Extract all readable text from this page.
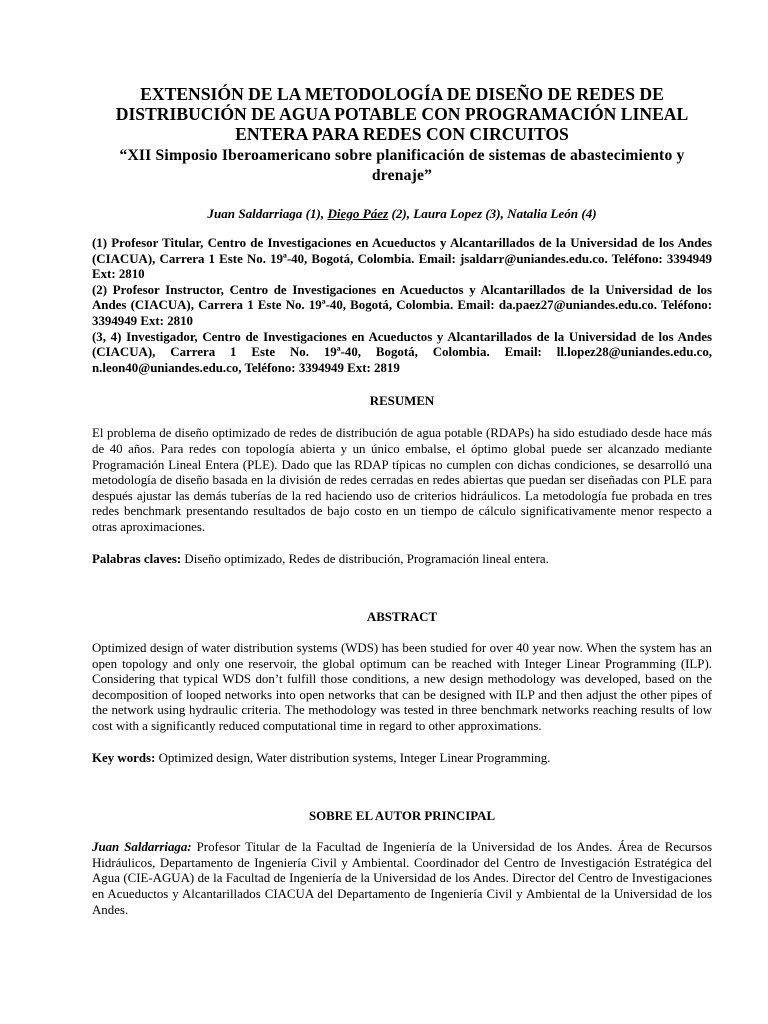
EXTENSIÓN DE LA METODOLOGÍA DE DISEÑO DE REDES DE DISTRIBUCIÓN DE AGUA POTABLE CON PROGRAMACIÓN LINEAL ENTERA PARA REDES CON CIRCUITOS

“XII Simposio Iberoamericano sobre planificación de sistemas de abastecimiento y drenaje”

Juan Saldarriaga (1), Diego Páez (2), Laura Lopez (3), Natalia León (4)

(1) Profesor Titular, Centro de Investigaciones en Acueductos y Alcantarillados de la Universidad de los Andes (CIACUA), Carrera 1 Este No. 19ª-40, Bogotá, Colombia. Email: jsaldarr@uniandes.edu.co. Teléfono: 3394949 Ext: 2810
(2) Profesor Instructor, Centro de Investigaciones en Acueductos y Alcantarillados de la Universidad de los Andes (CIACUA), Carrera 1 Este No. 19ª-40, Bogotá, Colombia. Email: da.paez27@uniandes.edu.co. Teléfono: 3394949 Ext: 2810
(3, 4) Investigador, Centro de Investigaciones en Acueductos y Alcantarillados de la Universidad de los Andes (CIACUA), Carrera 1 Este No. 19ª-40, Bogotá, Colombia. Email: ll.lopez28@uniandes.edu.co, n.leon40@uniandes.edu.co, Teléfono: 3394949 Ext: 2819
RESUMEN

El problema de diseño optimizado de redes de distribución de agua potable (RDAPs) ha sido estudiado desde hace más de 40 años. Para redes con topología abierta y un único embalse, el óptimo global puede ser alcanzado mediante Programación Lineal Entera (PLE). Dado que las RDAP típicas no cumplen con dichas condiciones, se desarrolló una metodología de diseño basada en la división de redes cerradas en redes abiertas que puedan ser diseñadas con PLE para después ajustar las demás tuberías de la red haciendo uso de criterios hidráulicos. La metodología fue probada en tres redes benchmark presentando resultados de bajo costo en un tiempo de cálculo significativamente menor respecto a otras aproximaciones.

Palabras claves: Diseño optimizado, Redes de distribución, Programación lineal entera.

ABSTRACT

Optimized design of water distribution systems (WDS) has been studied for over 40 year now. When the system has an open topology and only one reservoir, the global optimum can be reached with Integer Linear Programming (ILP). Considering that typical WDS don’t fulfill those conditions, a new design methodology was developed, based on the decomposition of looped networks into open networks that can be designed with ILP and then adjust the other pipes of the network using hydraulic criteria. The methodology was tested in three benchmark networks reaching results of low cost with a significantly reduced computational time in regard to other approximations.

Key words: Optimized design, Water distribution systems, Integer Linear Programming.

SOBRE EL AUTOR PRINCIPAL

Juan Saldarriaga: Profesor Titular de la Facultad de Ingeniería de la Universidad de los Andes. Área de Recursos Hidráulicos, Departamento de Ingeniería Civil y Ambiental. Coordinador del Centro de Investigación Estratégica del Agua (CIE-AGUA) de la Facultad de Ingeniería de la Universidad de los Andes. Director del Centro de Investigaciones en Acueductos y Alcantarillados CIACUA del Departamento de Ingeniería Civil y Ambiental de la Universidad de los Andes.
